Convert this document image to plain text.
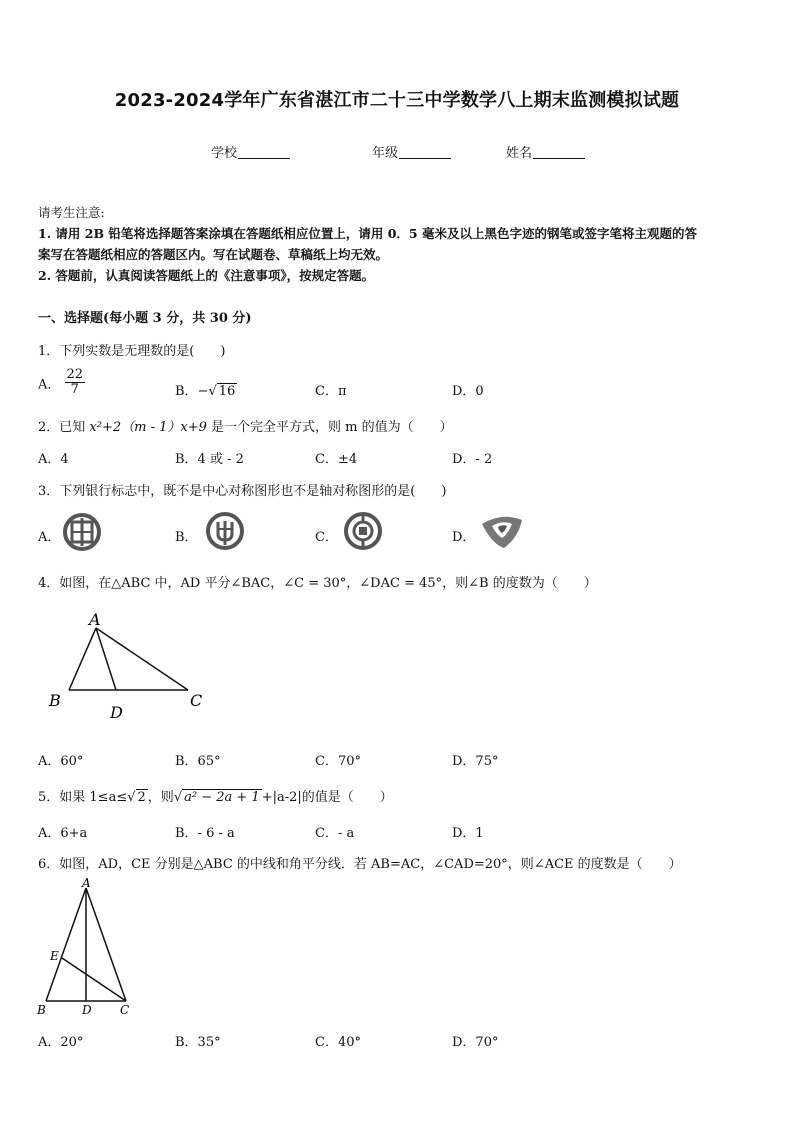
2023-2024学年广东省湛江市二十三中学数学八上期末监测模拟试题
学校	年级	姓名
请考生注意:
1. 请用 2B 铅笔将选择题答案涂填在答题纸相应位置上，请用 0．5 毫米及以上黑色字迹的钢笔或签字笔将主观题的答
案写在答题纸相应的答题区内。写在试题卷、草稿纸上均无效。
2. 答题前，认真阅读答题纸上的《注意事项》，按规定答题。
一、选择题(每小题 3 分，共 30 分)
1．下列实数是无理数的是(　　)
A． $\frac{22}{7}$	B．−√ 16	C．π	D．0
2．已知 x²+2（m - 1）x+9 是一个完全平方式，则 m 的值为（　　）
A．4	B．4 或 - 2	C．±4	D．- 2
3．下列银行标志中，既不是中心对称图形也不是轴对称图形的是(　　)
A．	B．	C．	D．
4．如图，在△ABC 中，AD 平分∠BAC，∠C = 30°，∠DAC = 45°，则∠B 的度数为（　　）
A
B
D
C
A．60°	B．65°	C．70°	D．75°
5．如果 1≤a≤√ 2 ，则√ a² − 2a + 1 +|a-2|的值是（　　）
A．6+a	B．- 6 - a	C．- a	D．1
6．如图，AD，CE 分别是△ABC 的中线和角平分线．若 AB=AC，∠CAD=20°，则∠ACE 的度数是（　　）
A
E
B	D C
A．20°	B．35°	C．40°	D．70°
